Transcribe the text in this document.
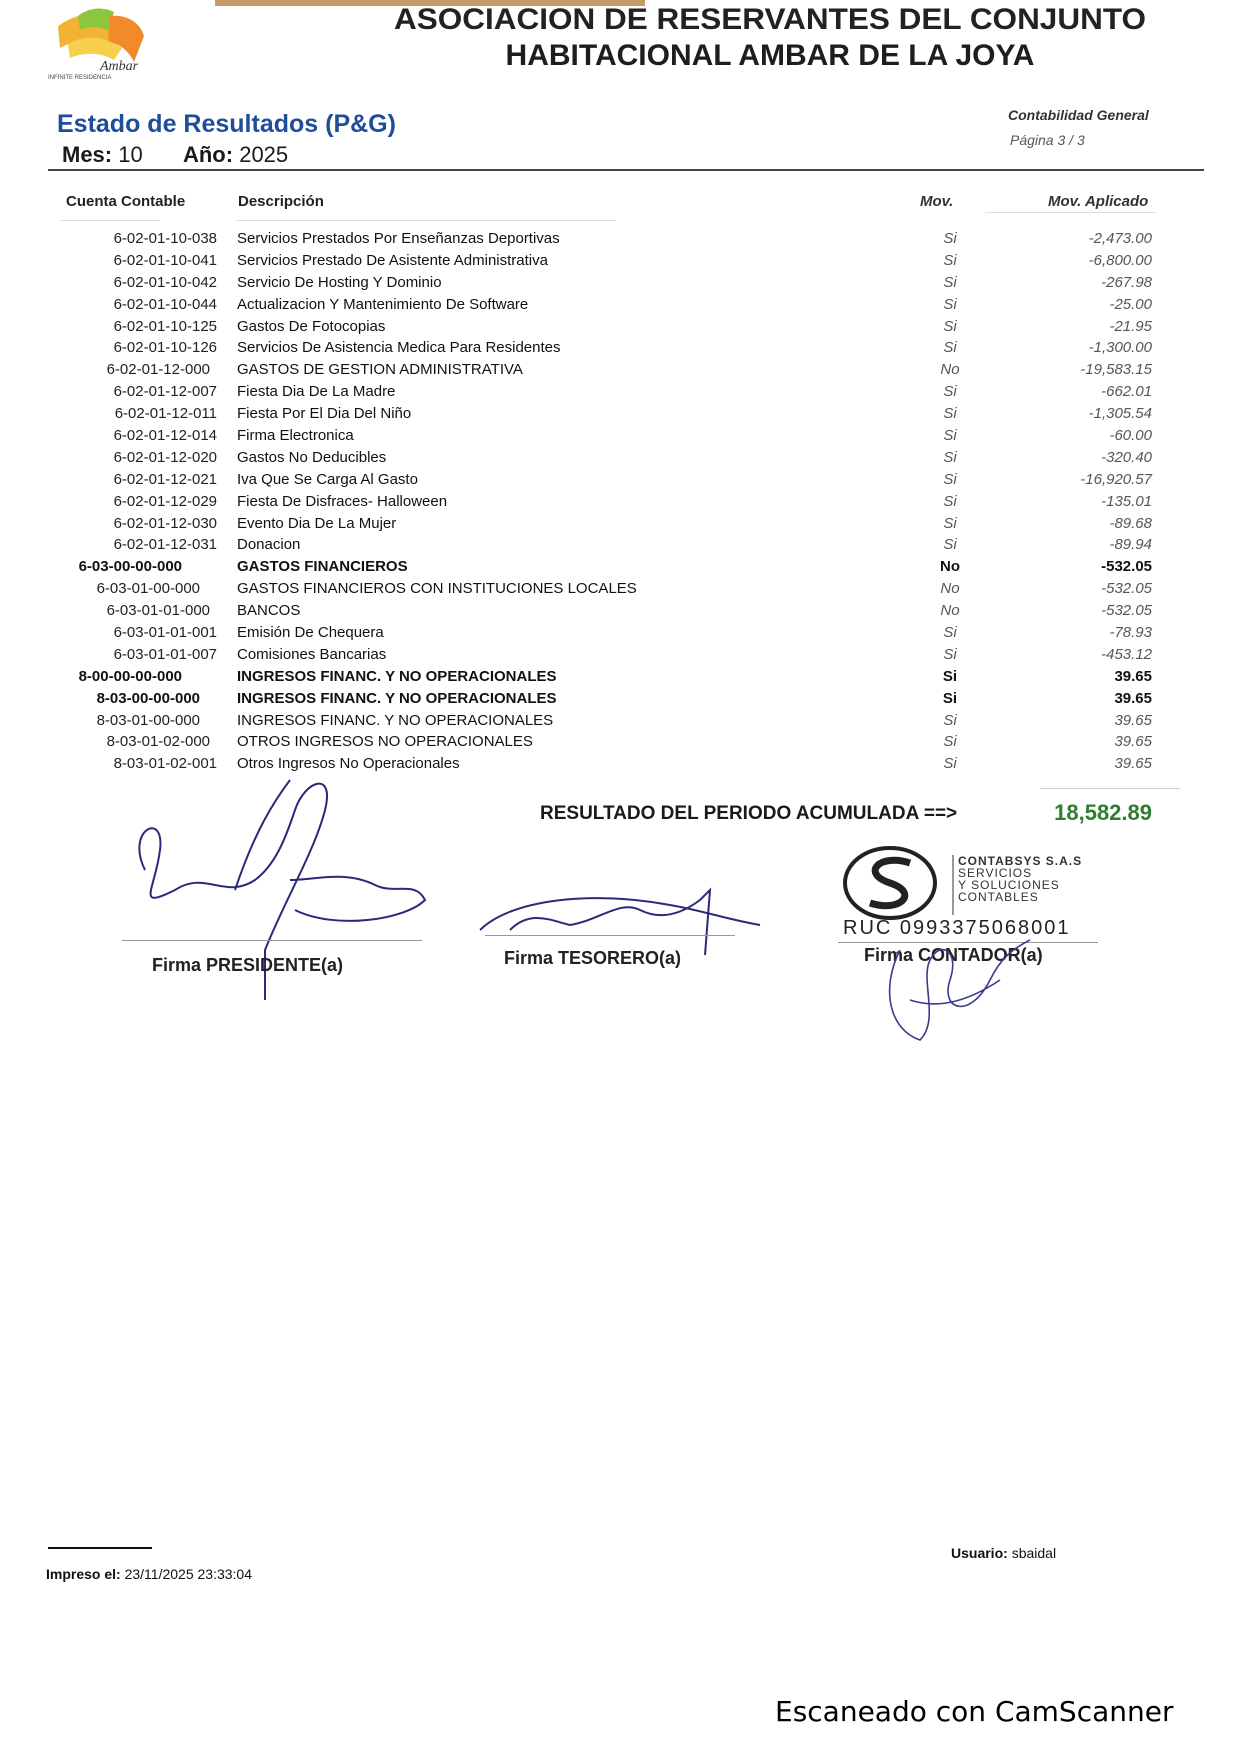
Ambar
INFINITE RESIDENCIA
ASOCIACION DE RESERVANTES DEL CONJUNTO
HABITACIONAL AMBAR DE LA JOYA
Estado de Resultados (P&G)
Mes: 10 Año: 2025
Contabilidad General
Página 3 / 3
Cuenta Contable	Descripción	Mov.	Mov. Aplicado
6-02-01-10-038 Servicios Prestados Por Enseñanzas Deportivas	Si	-2,473.00
6-02-01-10-041 Servicios Prestado De Asistente Administrativa	Si	-6,800.00
6-02-01-10-042 Servicio De Hosting Y Dominio	Si	-267.98
6-02-01-10-044 Actualizacion Y Mantenimiento De Software	Si	-25.00
6-02-01-10-125 Gastos De Fotocopias	Si	-21.95
6-02-01-10-126 Servicios De Asistencia Medica Para Residentes	Si	-1,300.00
6-02-01-12-000 GASTOS DE GESTION ADMINISTRATIVA	No	-19,583.15
6-02-01-12-007 Fiesta Dia De La Madre	Si	-662.01
6-02-01-12-011 Fiesta Por El Dia Del Niño	Si	-1,305.54
6-02-01-12-014 Firma Electronica	Si	-60.00
6-02-01-12-020 Gastos No Deducibles	Si	-320.40
6-02-01-12-021 Iva Que Se Carga Al Gasto	Si	-16,920.57
6-02-01-12-029 Fiesta De Disfraces- Halloween	Si	-135.01
6-02-01-12-030 Evento Dia De La Mujer	Si	-89.68
6-02-01-12-031 Donacion	Si	-89.94
6-03-00-00-000	GASTOS FINANCIEROS	No	-532.05
6-03-01-00-000 GASTOS FINANCIEROS CON INSTITUCIONES LOCALES	No	-532.05
6-03-01-01-000 BANCOS	No	-532.05
6-03-01-01-001 Emisión De Chequera	Si	-78.93
6-03-01-01-007 Comisiones Bancarias	Si	-453.12
8-00-00-00-000	INGRESOS FINANC. Y NO OPERACIONALES	Si	39.65
8-03-00-00-000 INGRESOS FINANC. Y NO OPERACIONALES	Si	39.65
8-03-01-00-000 INGRESOS FINANC. Y NO OPERACIONALES	Si	39.65
8-03-01-02-000 OTROS INGRESOS NO OPERACIONALES	Si	39.65
8-03-01-02-001 Otros Ingresos No Operacionales	Si	39.65
RESULTADO DEL PERIODO ACUMULADA ==>	18,582.89
Firma PRESIDENTE(a)	Firma TESORERO(a)
CONTABSYS S.A.S
SERVICIOS
Y SOLUCIONES
CONTABLES
RUC 0993375068001
Firma CONTADOR(a)
Impreso el: 23/11/2025 23:33:04
Usuario: sbaidal
Escaneado con CamScanner
